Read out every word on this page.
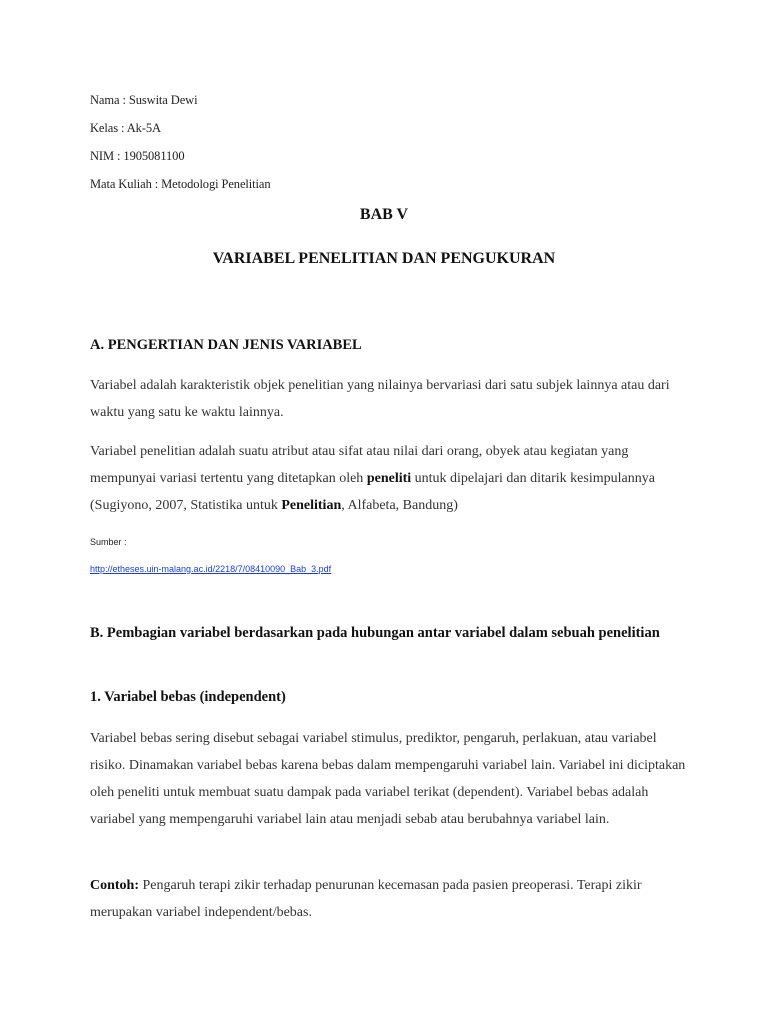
Nama : Suswita Dewi
Kelas : Ak-5A
NIM : 1905081100
Mata Kuliah : Metodologi Penelitian
BAB V
VARIABEL PENELITIAN DAN PENGUKURAN
A. PENGERTIAN DAN JENIS VARIABEL
Variabel adalah karakteristik objek penelitian yang nilainya bervariasi dari satu subjek lainnya atau dari waktu yang satu ke waktu lainnya.
Variabel penelitian adalah suatu atribut atau sifat atau nilai dari orang, obyek atau kegiatan yang mempunyai variasi tertentu yang ditetapkan oleh peneliti untuk dipelajari dan ditarik kesimpulannya (Sugiyono, 2007, Statistika untuk Penelitian, Alfabeta, Bandung)
Sumber :
http://etheses.uin-malang.ac.id/2218/7/08410090_Bab_3.pdf
B. Pembagian variabel berdasarkan pada hubungan antar variabel dalam sebuah penelitian
1. Variabel bebas (independent)
Variabel bebas sering disebut sebagai variabel stimulus, prediktor, pengaruh, perlakuan, atau variabel risiko. Dinamakan variabel bebas karena bebas dalam mempengaruhi variabel lain. Variabel ini diciptakan oleh peneliti untuk membuat suatu dampak pada variabel terikat (dependent). Variabel bebas adalah variabel yang mempengaruhi variabel lain atau menjadi sebab atau berubahnya variabel lain.
Contoh: Pengaruh terapi zikir terhadap penurunan kecemasan pada pasien preoperasi. Terapi zikir merupakan variabel independent/bebas.
